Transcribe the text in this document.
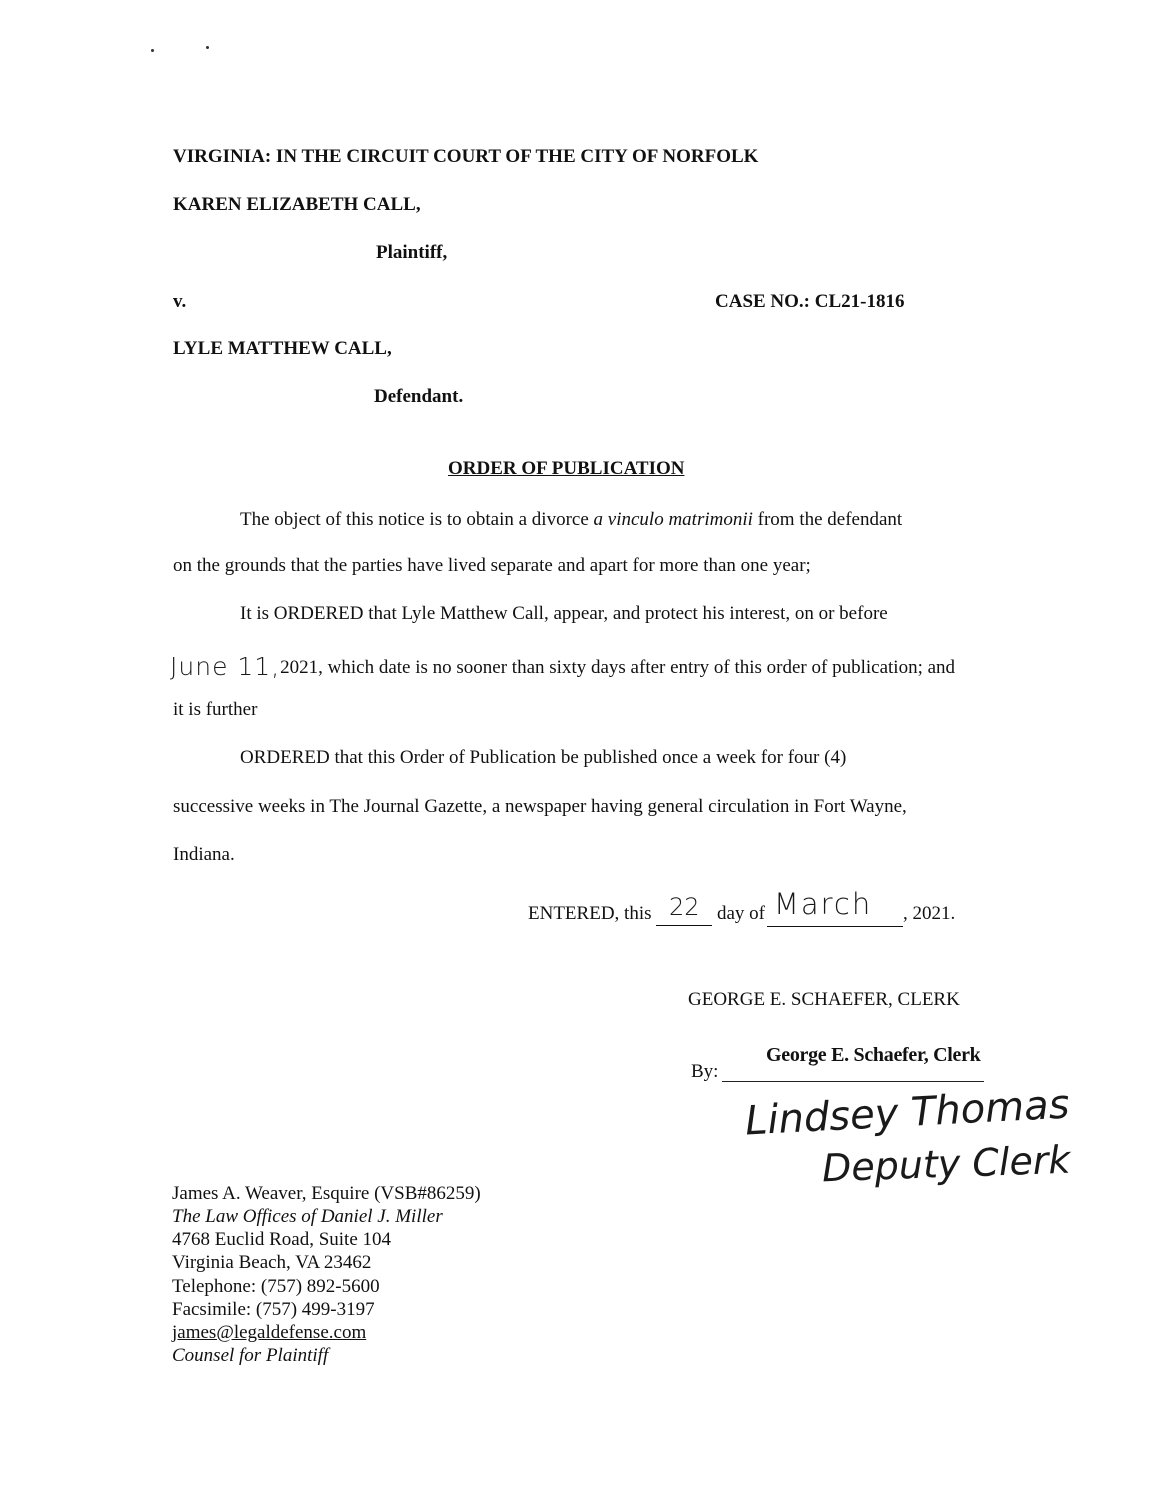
VIRGINIA: IN THE CIRCUIT COURT OF THE CITY OF NORFOLK
KAREN ELIZABETH CALL,
Plaintiff,
v.	CASE NO.: CL21-1816
LYLE MATTHEW CALL,
Defendant.
ORDER OF PUBLICATION
The object of this notice is to obtain a divorce a vinculo matrimonii from the defendant
on the grounds that the parties have lived separate and apart for more than one year;
It is ORDERED that Lyle Matthew Call, appear, and protect his interest, on or before
June 11,2021, which date is no sooner than sixty days after entry of this order of publication; and
it is further
ORDERED that this Order of Publication be published once a week for four (4)
successive weeks in The Journal Gazette, a newspaper having general circulation in Fort Wayne,
Indiana.
ENTERED, this 22 day of March , 2021.
GEORGE E. SCHAEFER, CLERK
By:
George E. Schaefer, Clerk
Lindsey Thomas
Deputy Clerk
James A. Weaver, Esquire (VSB#86259)
The Law Offices of Daniel J. Miller
4768 Euclid Road, Suite 104
Virginia Beach, VA 23462
Telephone: (757) 892-5600
Facsimile: (757) 499-3197
james@legaldefense.com
Counsel for Plaintiff
